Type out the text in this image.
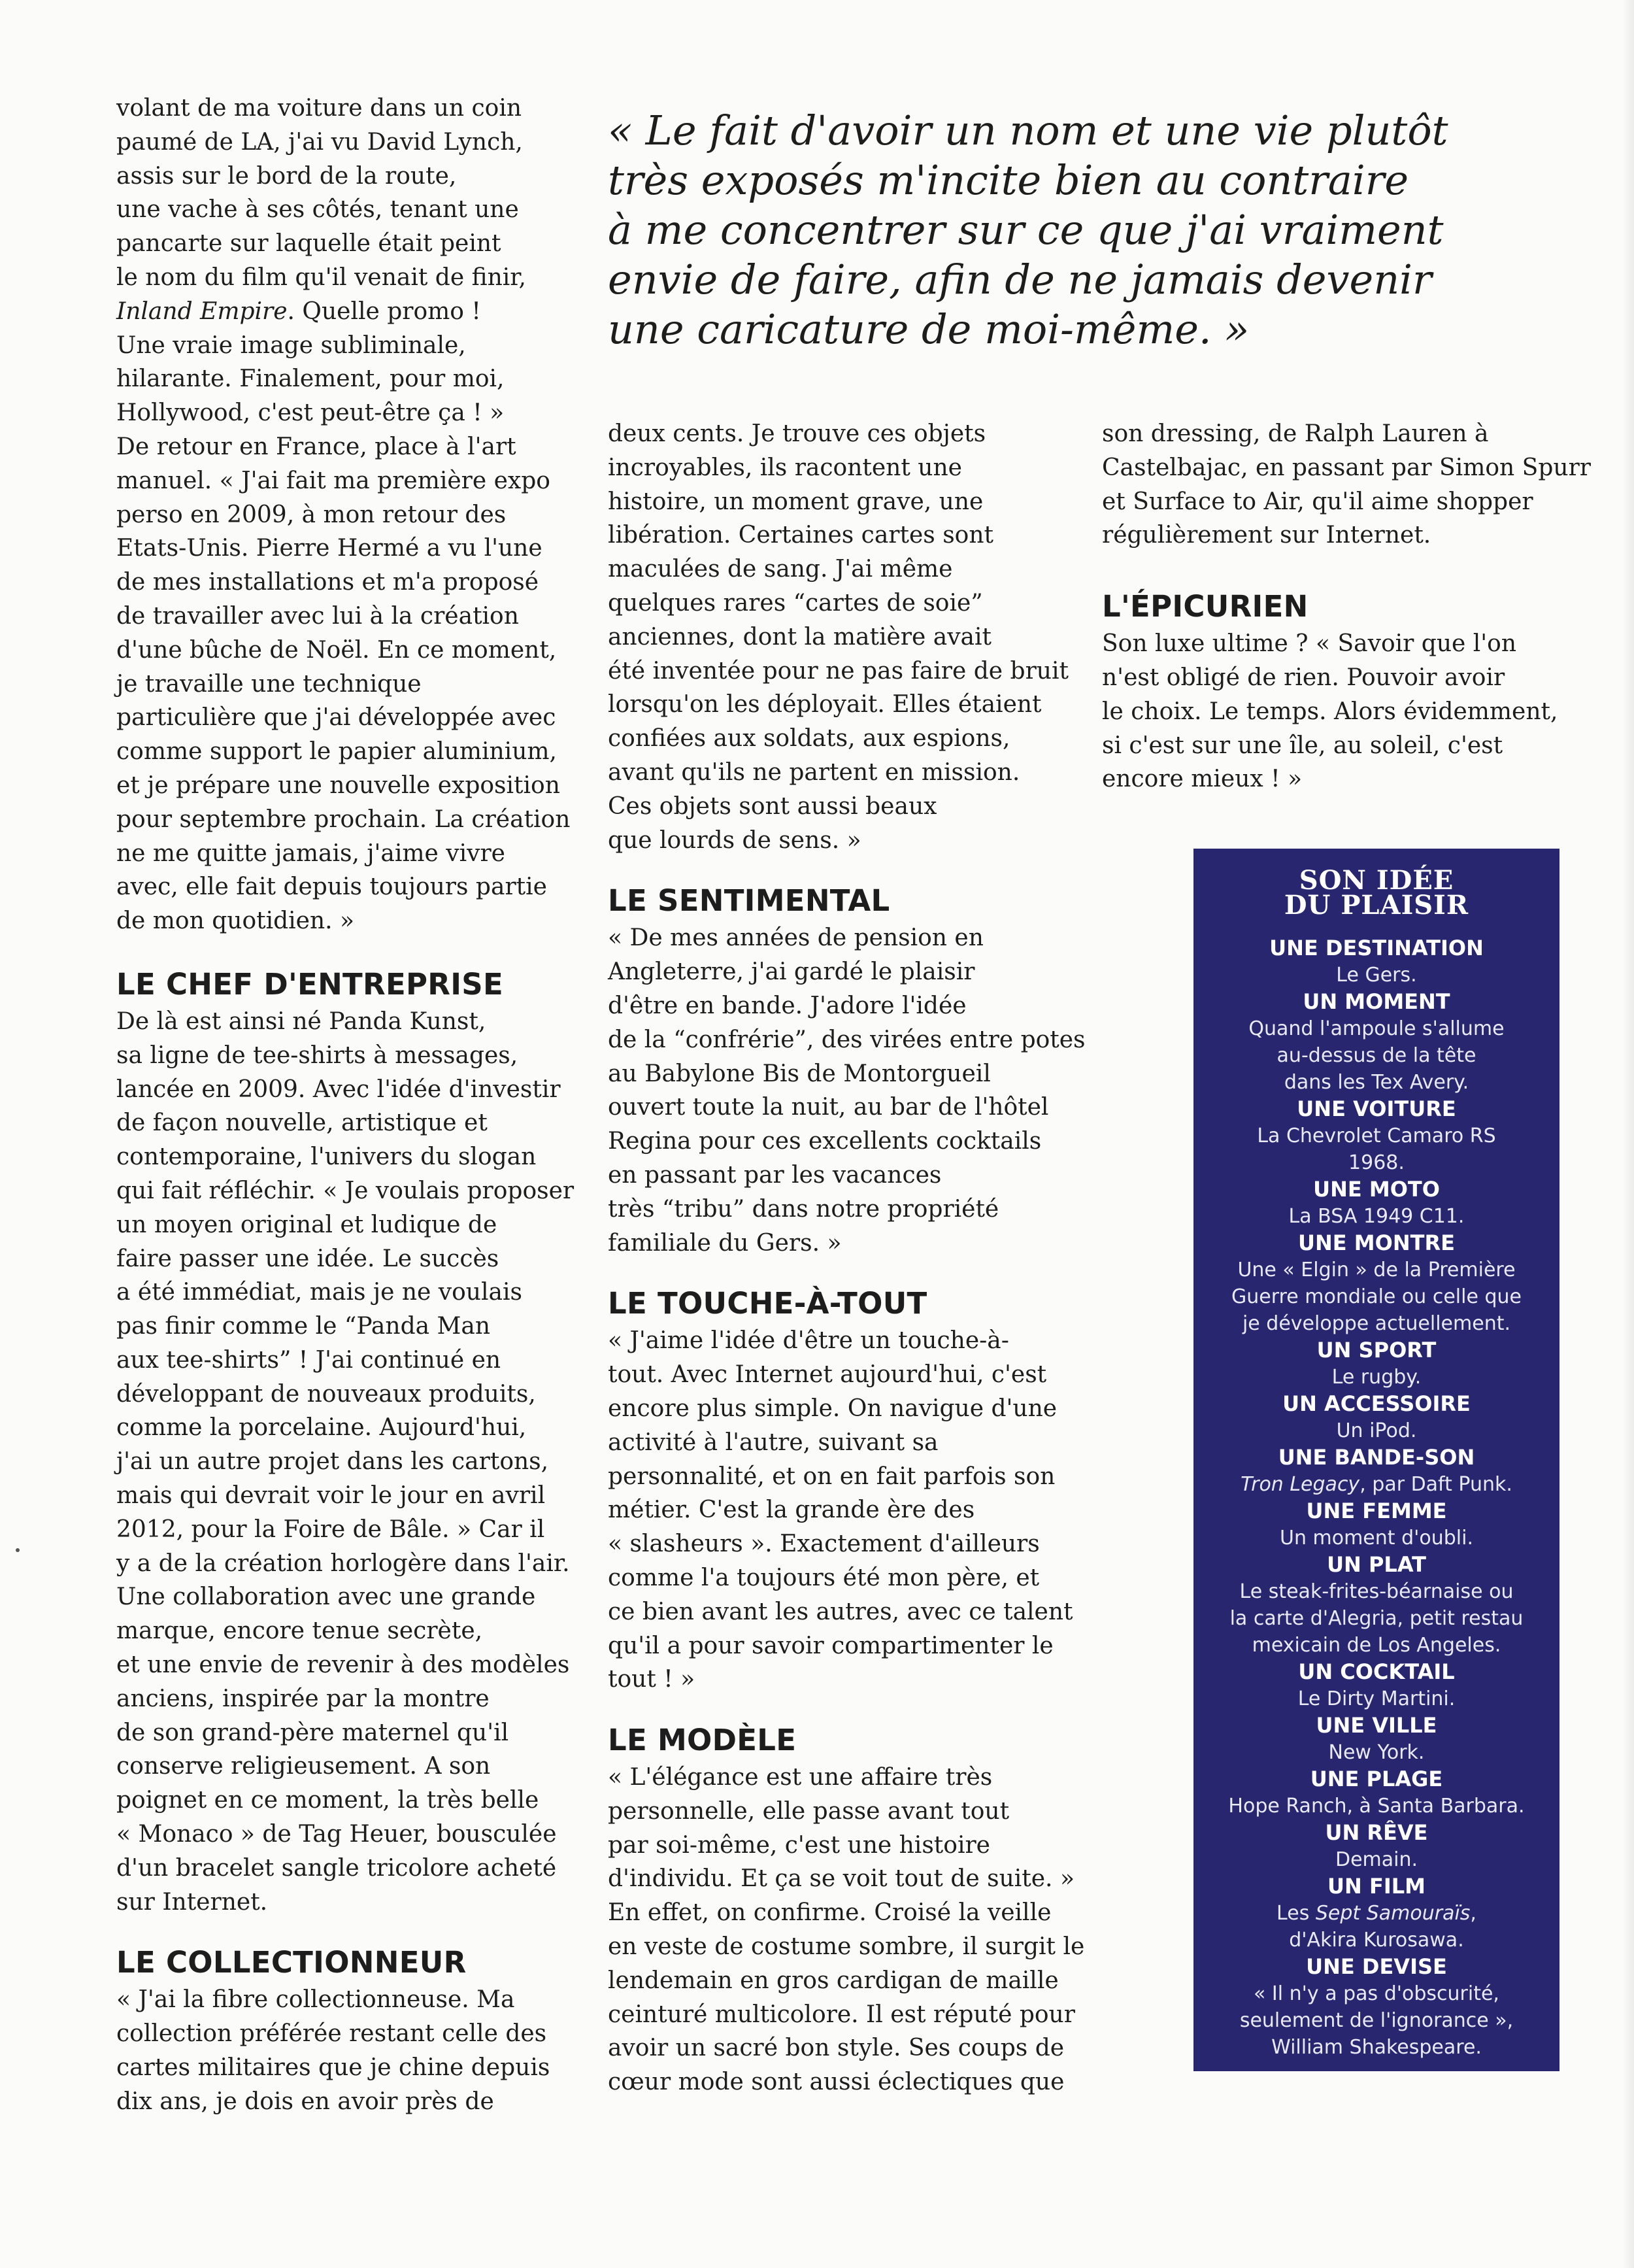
« Le fait d'avoir un nom et une vie plutôt
très exposés m'incite bien au contraire
à me concentrer sur ce que j'ai vraiment
envie de faire, afin de ne jamais devenir
une caricature de moi-même. »

volant de ma voiture dans un coin
paumé de LA, j'ai vu David Lynch,
assis sur le bord de la route,
une vache à ses côtés, tenant une
pancarte sur laquelle était peint
le nom du film qu'il venait de finir,
Inland Empire. Quelle promo !
Une vraie image subliminale,
hilarante. Finalement, pour moi,
Hollywood, c'est peut-être ça ! »
De retour en France, place à l'art
manuel. « J'ai fait ma première expo
perso en 2009, à mon retour des
Etats-Unis. Pierre Hermé a vu l'une
de mes installations et m'a proposé
de travailler avec lui à la création
d'une bûche de Noël. En ce moment,
je travaille une technique
particulière que j'ai développée avec
comme support le papier aluminium,
et je prépare une nouvelle exposition
pour septembre prochain. La création
ne me quitte jamais, j'aime vivre
avec, elle fait depuis toujours partie
de mon quotidien. »

LE CHEF D'ENTREPRISE

De là est ainsi né Panda Kunst,
sa ligne de tee-shirts à messages,
lancée en 2009. Avec l'idée d'investir
de façon nouvelle, artistique et
contemporaine, l'univers du slogan
qui fait réfléchir. « Je voulais proposer
un moyen original et ludique de
faire passer une idée. Le succès
a été immédiat, mais je ne voulais
pas finir comme le “Panda Man
aux tee-shirts” ! J'ai continué en
développant de nouveaux produits,
comme la porcelaine. Aujourd'hui,
j'ai un autre projet dans les cartons,
mais qui devrait voir le jour en avril
2012, pour la Foire de Bâle. » Car il
y a de la création horlogère dans l'air.
Une collaboration avec une grande
marque, encore tenue secrète,
et une envie de revenir à des modèles
anciens, inspirée par la montre
de son grand-père maternel qu'il
conserve religieusement. A son
poignet en ce moment, la très belle
« Monaco » de Tag Heuer, bousculée
d'un bracelet sangle tricolore acheté
sur Internet.

LE COLLECTIONNEUR

« J'ai la fibre collectionneuse. Ma
collection préférée restant celle des
cartes militaires que je chine depuis
dix ans, je dois en avoir près de

deux cents. Je trouve ces objets
incroyables, ils racontent une
histoire, un moment grave, une
libération. Certaines cartes sont
maculées de sang. J'ai même
quelques rares “cartes de soie”
anciennes, dont la matière avait
été inventée pour ne pas faire de bruit
lorsqu'on les déployait. Elles étaient
confiées aux soldats, aux espions,
avant qu'ils ne partent en mission.
Ces objets sont aussi beaux
que lourds de sens. »

LE SENTIMENTAL

« De mes années de pension en
Angleterre, j'ai gardé le plaisir
d'être en bande. J'adore l'idée
de la “confrérie”, des virées entre potes
au Babylone Bis de Montorgueil
ouvert toute la nuit, au bar de l'hôtel
Regina pour ces excellents cocktails
en passant par les vacances
très “tribu” dans notre propriété
familiale du Gers. »

LE TOUCHE-À-TOUT

« J'aime l'idée d'être un touche-à-
tout. Avec Internet aujourd'hui, c'est
encore plus simple. On navigue d'une
activité à l'autre, suivant sa
personnalité, et on en fait parfois son
métier. C'est la grande ère des
« slasheurs ». Exactement d'ailleurs
comme l'a toujours été mon père, et
ce bien avant les autres, avec ce talent
qu'il a pour savoir compartimenter le
tout ! »

LE MODÈLE

« L'élégance est une affaire très
personnelle, elle passe avant tout
par soi-même, c'est une histoire
d'individu. Et ça se voit tout de suite. »
En effet, on confirme. Croisé la veille
en veste de costume sombre, il surgit le
lendemain en gros cardigan de maille
ceinturé multicolore. Il est réputé pour
avoir un sacré bon style. Ses coups de
cœur mode sont aussi éclectiques que

son dressing, de Ralph Lauren à
Castelbajac, en passant par Simon Spurr
et Surface to Air, qu'il aime shopper
régulièrement sur Internet.

L'ÉPICURIEN

Son luxe ultime ? « Savoir que l'on
n'est obligé de rien. Pouvoir avoir
le choix. Le temps. Alors évidemment,
si c'est sur une île, au soleil, c'est
encore mieux ! »

SON IDÉE
DU PLAISIR
UNE DESTINATION
Le Gers.
UN MOMENT
Quand l'ampoule s'allume
au-dessus de la tête
dans les Tex Avery.
UNE VOITURE
La Chevrolet Camaro RS
1968.
UNE MOTO
La BSA 1949 C11.
UNE MONTRE
Une « Elgin » de la Première
Guerre mondiale ou celle que
je développe actuellement.
UN SPORT
Le rugby.
UN ACCESSOIRE
Un iPod.
UNE BANDE-SON
Tron Legacy, par Daft Punk.
UNE FEMME
Un moment d'oubli.
UN PLAT
Le steak-frites-béarnaise ou
la carte d'Alegria, petit restau
mexicain de Los Angeles.
UN COCKTAIL
Le Dirty Martini.
UNE VILLE
New York.
UNE PLAGE
Hope Ranch, à Santa Barbara.
UN RÊVE
Demain.
UN FILM
Les Sept Samouraïs,
d'Akira Kurosawa.
UNE DEVISE
« Il n'y a pas d'obscurité,
seulement de l'ignorance »,
William Shakespeare.
